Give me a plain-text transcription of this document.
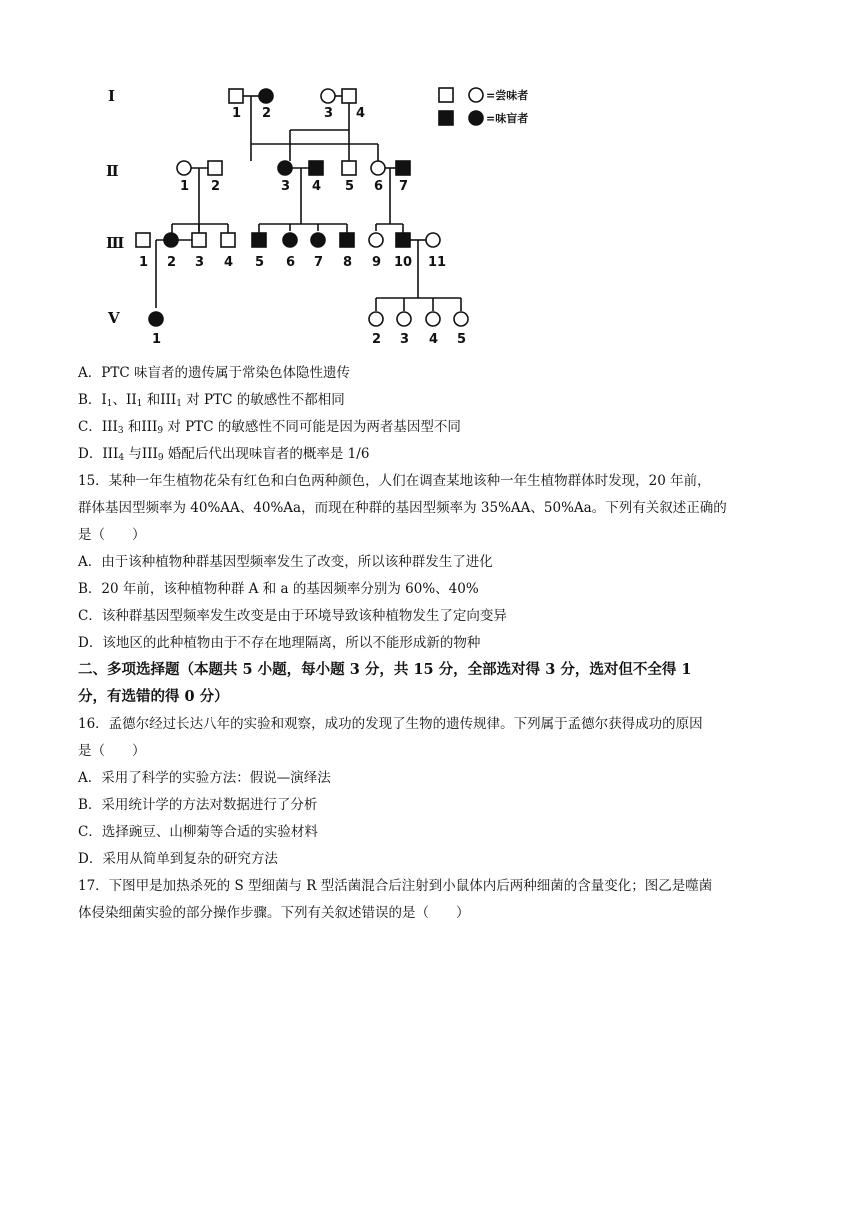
I
Ⅱ
Ⅲ
V
=尝味者
=味盲者
1 2	3 4
1 2	3 4 5 6 7
1 2 3 4 5 6 7 8 9 10 11
1	2 3 4 5
A．PTC 味盲者的遗传属于常染色体隐性遗传
B．$I_1$、$II_1$ 和$III_1$ 对 PTC 的敏感性不都相同
C．$III_3$ 和$III_9$ 对 PTC 的敏感性不同可能是因为两者基因型不同
D．$III_4$ 与$III_9$ 婚配后代出现味盲者的概率是 1/6
15．某种一年生植物花朵有红色和白色两种颜色，人们在调查某地该种一年生植物群体时发现，20 年前，
群体基因型频率为 40%AA、40%Aa，而现在种群的基因型频率为 35%AA、50%Aa。下列有关叙述正确的
是（　　）
A．由于该种植物种群基因型频率发生了改变，所以该种群发生了进化
B．20 年前，该种植物种群 A 和 a 的基因频率分别为 60%、40%
C．该种群基因型频率发生改变是由于环境导致该种植物发生了定向变异
D．该地区的此种植物由于不存在地理隔离，所以不能形成新的物种
二、多项选择题（本题共 5 小题，每小题 3 分，共 15 分，全部选对得 3 分，选对但不全得 1
分，有选错的得 0 分）
16．孟德尔经过长达八年的实验和观察，成功的发现了生物的遗传规律。下列属于孟德尔获得成功的原因
是（　　）
A．采用了科学的实验方法：假说—演绎法
B．采用统计学的方法对数据进行了分析
C．选择豌豆、山柳菊等合适的实验材料
D．采用从简单到复杂的研究方法
17．下图甲是加热杀死的 S 型细菌与 R 型活菌混合后注射到小鼠体内后两种细菌的含量变化；图乙是噬菌
体侵染细菌实验的部分操作步骤。下列有关叙述错误的是（　　）
